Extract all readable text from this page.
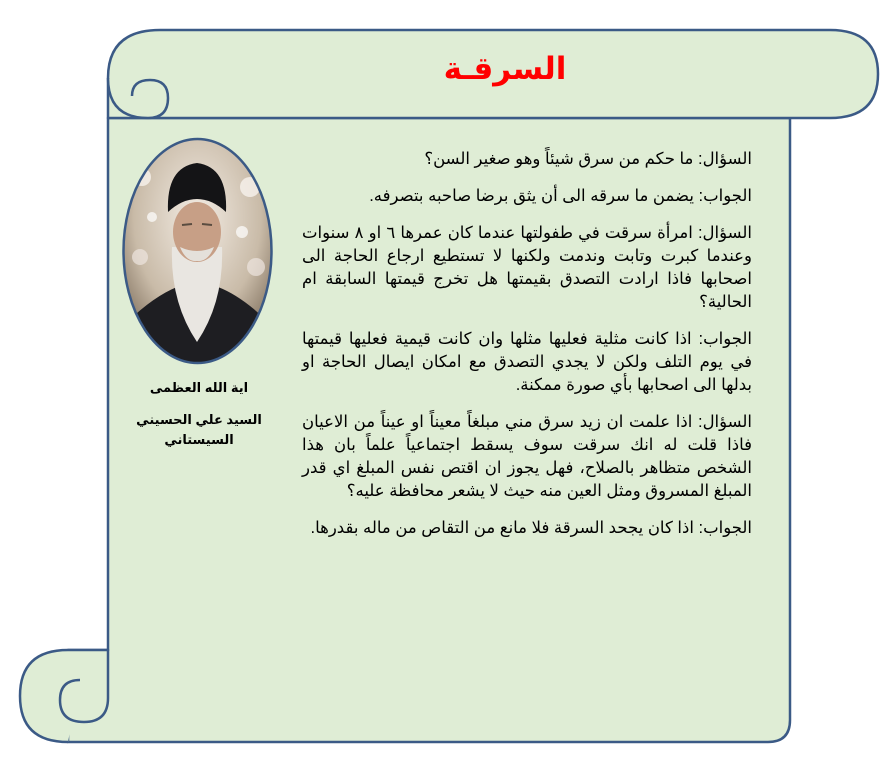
السرقـة
اية الله العظمى
السيد علي الحسيني السيستاني

السؤال: ما حكم من سرق شيئاً وهو صغير السن؟

الجواب: يضمن ما سرقه الى أن يثق برضا صاحبه بتصرفه.

السؤال: امرأة سرقت في طفولتها عندما كان عمرها ٦ او ٨ سنوات وعندما كبرت وتابت وندمت ولكنها لا تستطيع ارجاع الحاجة الى اصحابها فاذا ارادت التصدق بقيمتها هل تخرج قيمتها السابقة ام الحالية؟

الجواب: اذا كانت مثلية فعليها مثلها وان كانت قيمية فعليها قيمتها في يوم التلف ولكن لا يجدي التصدق مع امكان ايصال الحاجة او بدلها الى اصحابها بأي صورة ممكنة.

السؤال: اذا علمت ان زيد سرق مني مبلغاً معيناً او عيناً من الاعيان فاذا قلت له انك سرقت سوف يسقط اجتماعياً علماً بان هذا الشخص متظاهر بالصلاح، فهل يجوز ان اقتص نفس المبلغ اي قدر المبلغ المسروق ومثل العين منه حيث لا يشعر محافظة عليه؟

الجواب: اذا كان يجحد السرقة فلا مانع من التقاص من ماله بقدرها.
